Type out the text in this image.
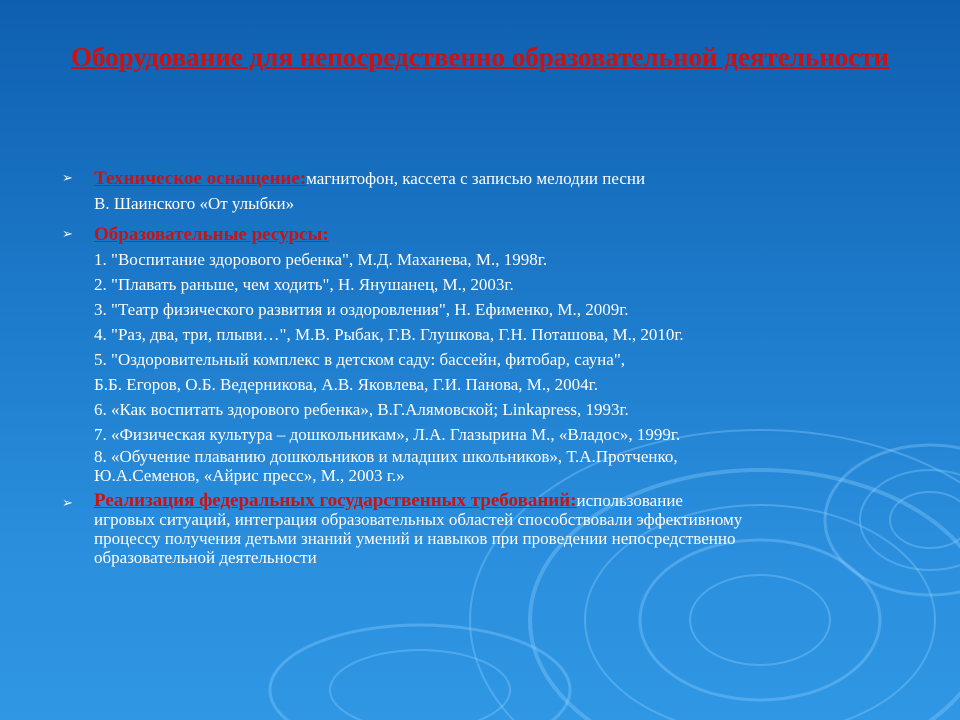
Оборудование для непосредственно образовательной деятельности
➢ Техническое оснащение:магнитофон, кассета с записью мелодии песни
В. Шаинского «От улыбки»
➢ Образовательные ресурсы:
1. "Воспитание здорового ребенка", М.Д. Маханева, М., 1998г.
2. "Плавать раньше, чем ходить", Н. Янушанец, М., 2003г.
3. "Театр физического развития и оздоровления", Н. Ефименко, М., 2009г.
4. "Раз, два, три, плыви…", М.В. Рыбак, Г.В. Глушкова, Г.Н. Поташова, М., 2010г.
5. "Оздоровительный комплекс в детском саду: бассейн, фитобар, сауна",
Б.Б. Егоров, О.Б. Ведерникова, А.В. Яковлева, Г.И. Панова, М., 2004г.
6. «Как воспитать здорового ребенка», В.Г.Алямовской; Linkapress, 1993г.
7. «Физическая культура – дошкольникам», Л.А. Глазырина М., «Владос», 1999г.
8. «Обучение плаванию дошкольников и младших школьников», Т.А.Протченко,
Ю.А.Семенов, «Айрис пресс», М., 2003 г.»
➢ Реализация федеральных государственных требований:использование
игровых ситуаций, интеграция образовательных областей способствовали эффективному
процессу получения детьми знаний умений и навыков при проведении непосредственно
образовательной деятельности
